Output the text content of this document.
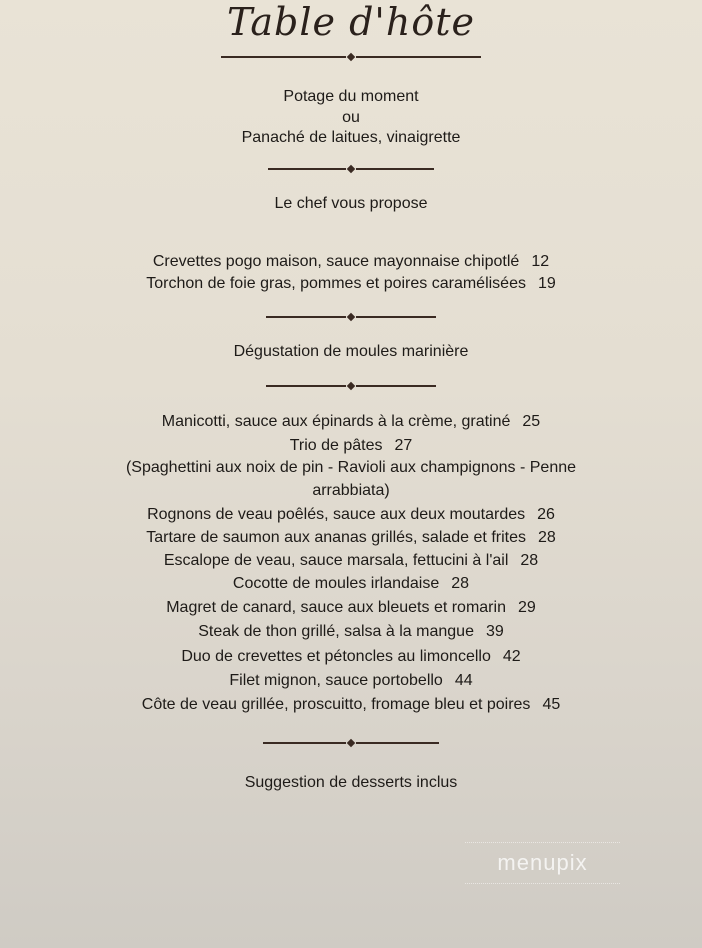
Table d'hôte
Potage du moment
ou
Panaché de laitues, vinaigrette
Le chef vous propose
Crevettes pogo maison, sauce mayonnaise chipotlé 12
Torchon de foie gras, pommes et poires caramélisées 19
Dégustation de moules marinière
Manicotti, sauce aux épinards à la crème, gratiné 25
Trio de pâtes 27
(Spaghettini aux noix de pin - Ravioli aux champignons - Penne
arrabbiata)
Rognons de veau poêlés, sauce aux deux moutardes 26
Tartare de saumon aux ananas grillés, salade et frites 28
Escalope de veau, sauce marsala, fettucini à l'ail 28
Cocotte de moules irlandaise 28
Magret de canard, sauce aux bleuets et romarin 29
Steak de thon grillé, salsa à la mangue 39
Duo de crevettes et pétoncles au limoncello 42
Filet mignon, sauce portobello 44
Côte de veau grillée, proscuitto, fromage bleu et poires 45
Suggestion de desserts inclus
menupix
